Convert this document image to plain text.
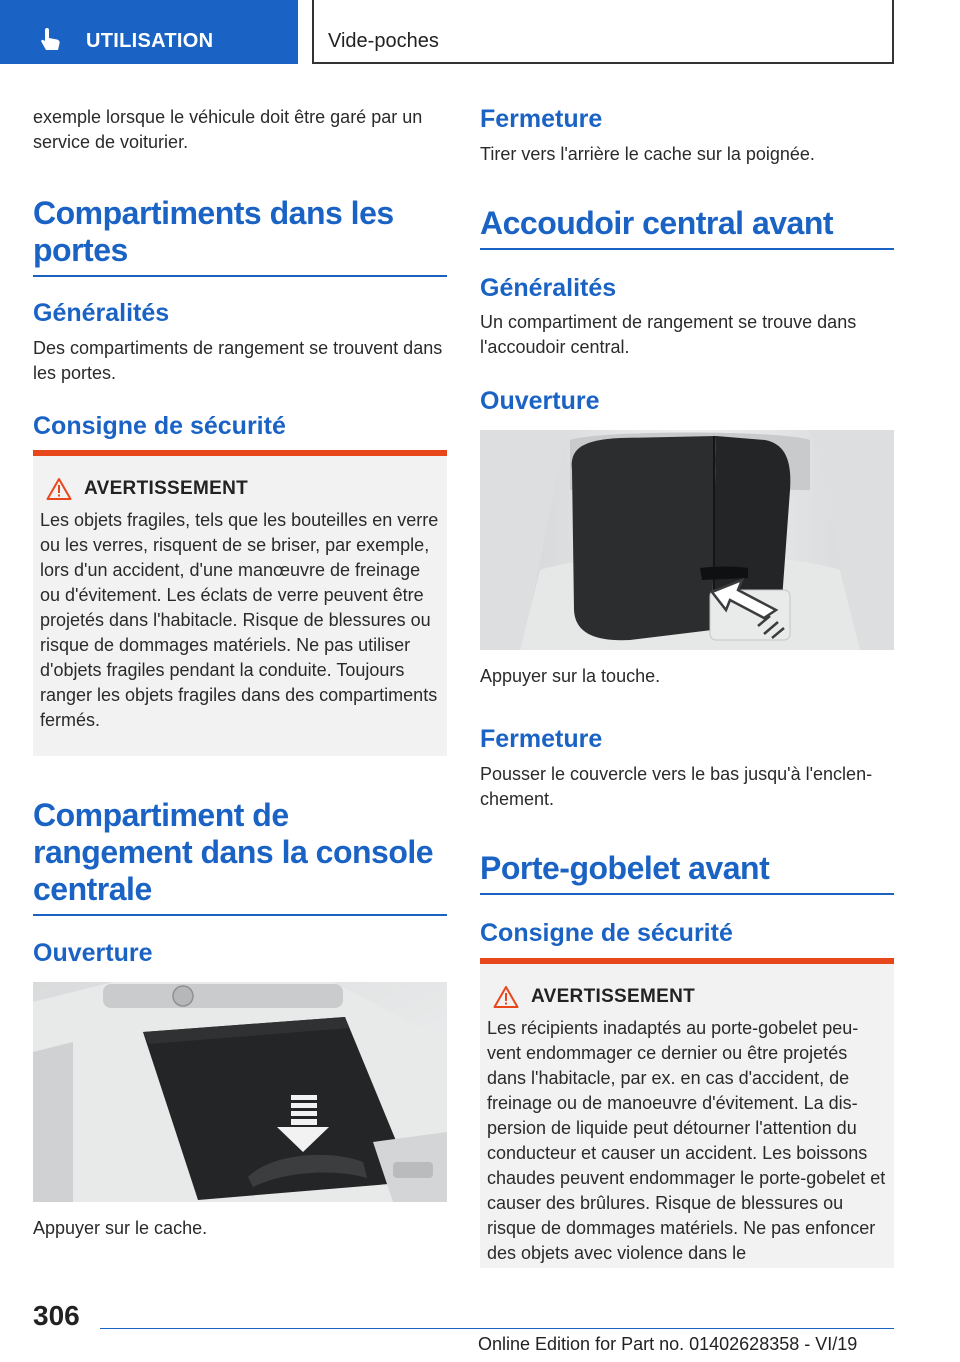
UTILISATION	Vide-poches

exemple lorsque le véhicule doit être garé par un service de voiturier.

Compartiments dans les portes
Généralités

Des compartiments de rangement se trouvent dans les portes.

Consigne de sécurité
AVERTISSEMENT

Les objets fragiles, tels que les bouteilles en verre ou les verres, risquent de se briser, par exemple, lors d'un accident, d'une manœuvre de freinage ou d'évitement. Les éclats de verre peuvent être projetés dans l'habitacle. Risque de blessures ou risque de dommages matériels. Ne pas utiliser d'objets fragiles pendant la conduite. Toujours ranger les objets fragiles dans des compartiments fermés.

Compartiment de rangement dans la console centrale
Ouverture

Appuyer sur le cache.

Fermeture

Tirer vers l'arrière le cache sur la poignée.

Accoudoir central avant
Généralités

Un compartiment de rangement se trouve dans l'accoudoir central.

Ouverture

Appuyer sur la touche.

Fermeture

Pousser le couvercle vers le bas jusqu'à l'enclenchement.

Porte-gobelet avant
Consigne de sécurité
AVERTISSEMENT

Les récipients inadaptés au porte-gobelet peuvent endommager ce dernier ou être projetés dans l'habitacle, par ex. en cas d'accident, de freinage ou de manoeuvre d'évitement. La dispersion de liquide peut détourner l'attention du conducteur et causer un accident. Les boissons chaudes peuvent endommager le porte-gobelet et causer des brûlures. Risque de blessures ou risque de dommages matériels. Ne pas enfoncer des objets avec violence dans le

306
Online Edition for Part no. 01402628358 - VI/19
